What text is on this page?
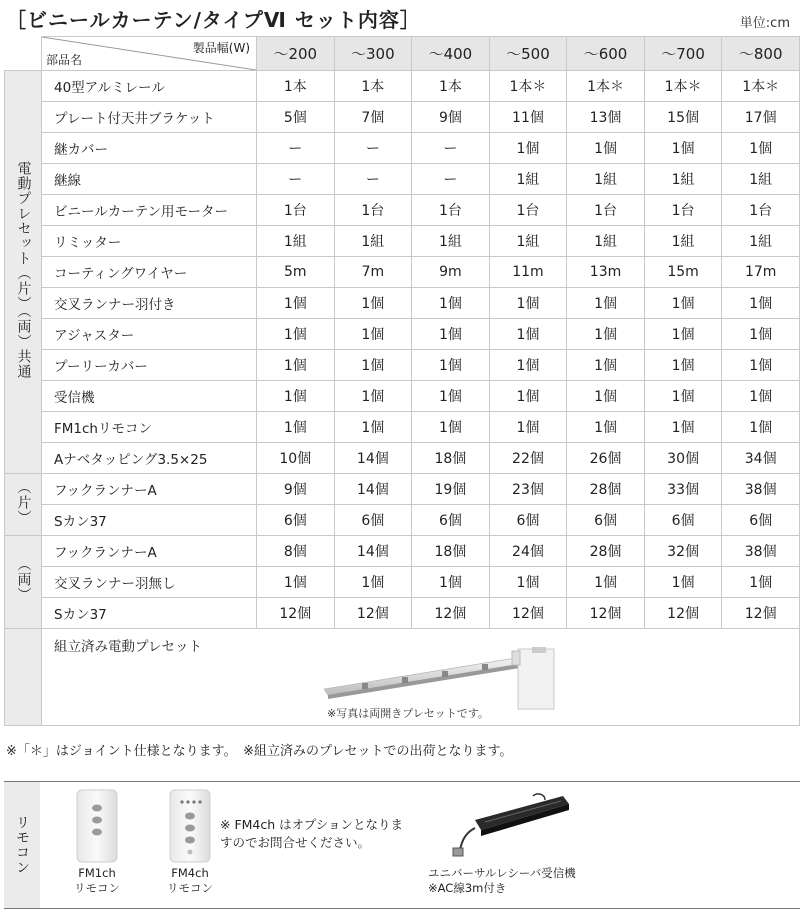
［ビニールカーテン/タイプⅥ セット内容］	単位:cm

	製品幅(W)
部品名	～200	～300	～400	～500	～600	～700	～800
電動プレセット（片）（両）共通	40型アルミレール	1本	1本	1本	1本＊	1本＊	1本＊	1本＊
	プレート付天井ブラケット	5個	7個	9個	11個	13個	15個	17個
	継カバー	ー	ー	ー	1個	1個	1個	1個
	継線	ー	ー	ー	1組	1組	1組	1組
	ビニールカーテン用モーター	1台	1台	1台	1台	1台	1台	1台
	リミッター	1組	1組	1組	1組	1組	1組	1組
	コーティングワイヤー	5m	7m	9m	11m	13m	15m	17m
	交叉ランナー羽付き	1個	1個	1個	1個	1個	1個	1個
	アジャスター	1個	1個	1個	1個	1個	1個	1個
	プーリーカバー	1個	1個	1個	1個	1個	1個	1個
	受信機	1個	1個	1個	1個	1個	1個	1個
	FM1chリモコン	1個	1個	1個	1個	1個	1個	1個
	Aナベタッピング3.5×25	10個	14個	18個	22個	26個	30個	34個
（片）	フックランナーA	9個	14個	19個	23個	28個	33個	38個
	Sカン37	6個	6個	6個	6個	6個	6個	6個
（両）	フックランナーA	8個	14個	18個	24個	28個	32個	38個
	交叉ランナー羽無し	1個	1個	1個	1個	1個	1個	1個
	Sカン37	12個	12個	12個	12個	12個	12個	12個

	組立済み電動プレセット
※写真は両開きプレセットです。							
※「＊」はジョイント仕様となります。　※組立済みのプレセットでの出荷となります。
リモコン	FM1ch
リモコン
FM4ch
リモコン
※ FM4ch はオプションとなりま
すのでお問合せください。
ユニバーサルレシーバ受信機
※AC線3m付き
